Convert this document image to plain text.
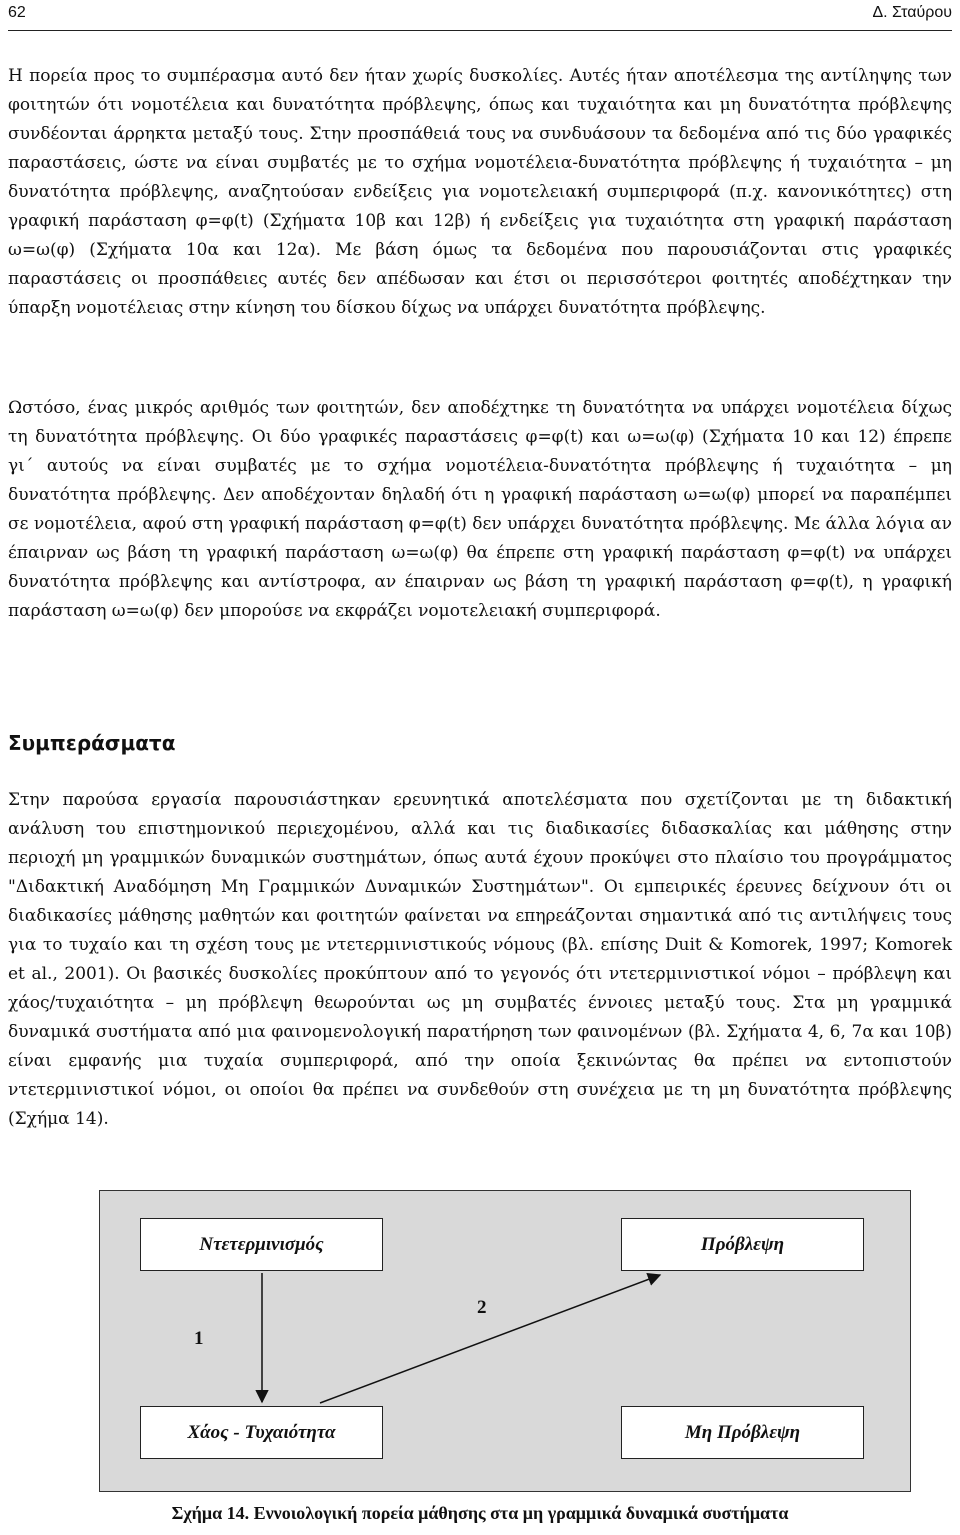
62	Δ. Σταύρου

Η πορεία προς το συμπέρασμα αυτό δεν ήταν χωρίς δυσκολίες. Αυτές ήταν αποτέλεσμα της αντίληψης των φοιτητών ότι νομοτέλεια και δυνατότητα πρόβλεψης, όπως και τυχαιότητα και μη δυνατότητα πρόβλεψης συνδέονται άρρηκτα μεταξύ τους. Στην προσπάθειά τους να συνδυάσουν τα δεδομένα από τις δύο γραφικές παραστάσεις, ώστε να είναι συμβατές με το σχήμα νομοτέλεια-δυνατότητα πρόβλεψης ή τυχαιότητα – μη δυνατότητα πρόβλεψης, αναζητούσαν ενδείξεις για νομοτελειακή συμπεριφορά (π.χ. κανονικότητες) στη γραφική παράσταση φ=φ(t) (Σχήματα 10β και 12β) ή ενδείξεις για τυχαιότητα στη γραφική παράσταση ω=ω(φ) (Σχήματα 10α και 12α). Με βάση όμως τα δεδομένα που παρουσιάζονται στις γραφικές παραστάσεις οι προσπάθειες αυτές δεν απέδωσαν και έτσι οι περισσότεροι φοιτητές αποδέχτηκαν την ύπαρξη νομοτέλειας στην κίνηση του δίσκου δίχως να υπάρχει δυνατότητα πρόβλεψης.

Ωστόσο, ένας μικρός αριθμός των φοιτητών, δεν αποδέχτηκε τη δυνατότητα να υπάρχει νομοτέλεια δίχως τη δυνατότητα πρόβλεψης. Οι δύο γραφικές παραστάσεις φ=φ(t) και ω=ω(φ) (Σχήματα 10 και 12) έπρεπε γι΄ αυτούς να είναι συμβατές με το σχήμα νομοτέλεια-δυνατότητα πρόβλεψης ή τυχαιότητα – μη δυνατότητα πρόβλεψης. Δεν αποδέχονταν δηλαδή ότι η γραφική παράσταση ω=ω(φ) μπορεί να παραπέμπει σε νομοτέλεια, αφού στη γραφική παράσταση φ=φ(t) δεν υπάρχει δυνατότητα πρόβλεψης. Με άλλα λόγια αν έπαιρναν ως βάση τη γραφική παράσταση ω=ω(φ) θα έπρεπε στη γραφική παράσταση φ=φ(t) να υπάρχει δυνατότητα πρόβλεψης και αντίστροφα, αν έπαιρναν ως βάση τη γραφική παράσταση φ=φ(t), η γραφική παράσταση ω=ω(φ) δεν μπορούσε να εκφράζει νομοτελειακή συμπεριφορά.

Συμπεράσματα

Στην παρούσα εργασία παρουσιάστηκαν ερευνητικά αποτελέσματα που σχετίζονται με τη διδακτική ανάλυση του επιστημονικού περιεχομένου, αλλά και τις διαδικασίες διδασκαλίας και μάθησης στην περιοχή μη γραμμικών δυναμικών συστημάτων, όπως αυτά έχουν προκύψει στο πλαίσιο του προγράμματος "Διδακτική Αναδόμηση Μη Γραμμικών Δυναμικών Συστημάτων". Οι εμπειρικές έρευνες δείχνουν ότι οι διαδικασίες μάθησης μαθητών και φοιτητών φαίνεται να επηρεάζονται σημαντικά από τις αντιλήψεις τους για το τυχαίο και τη σχέση τους με ντετερμινιστικούς νόμους (βλ. επίσης Duit & Komorek, 1997; Komorek et al., 2001). Οι βασικές δυσκολίες προκύπτουν από το γεγονός ότι ντετερμινιστικοί νόμοι – πρόβλεψη και χάος/τυχαιότητα – μη πρόβλεψη θεωρούνται ως μη συμβατές έννοιες μεταξύ τους. Στα μη γραμμικά δυναμικά συστήματα από μια φαινομενολογική παρατήρηση των φαινομένων (βλ. Σχήματα 4, 6, 7α και 10β) είναι εμφανής μια τυχαία συμπεριφορά, από την οποία ξεκινώντας θα πρέπει να εντοπιστούν ντετερμινιστικοί νόμοι, οι οποίοι θα πρέπει να συνδεθούν στη συνέχεια με τη μη δυνατότητα πρόβλεψης (Σχήμα 14).

Ντετερμινισμός	Πρόβλεψη
Χάος - Τυχαιότητα	Μη Πρόβλεψη
1
2
Σχήμα 14. Εννοιολογική πορεία μάθησης στα μη γραμμικά δυναμικά συστήματα
